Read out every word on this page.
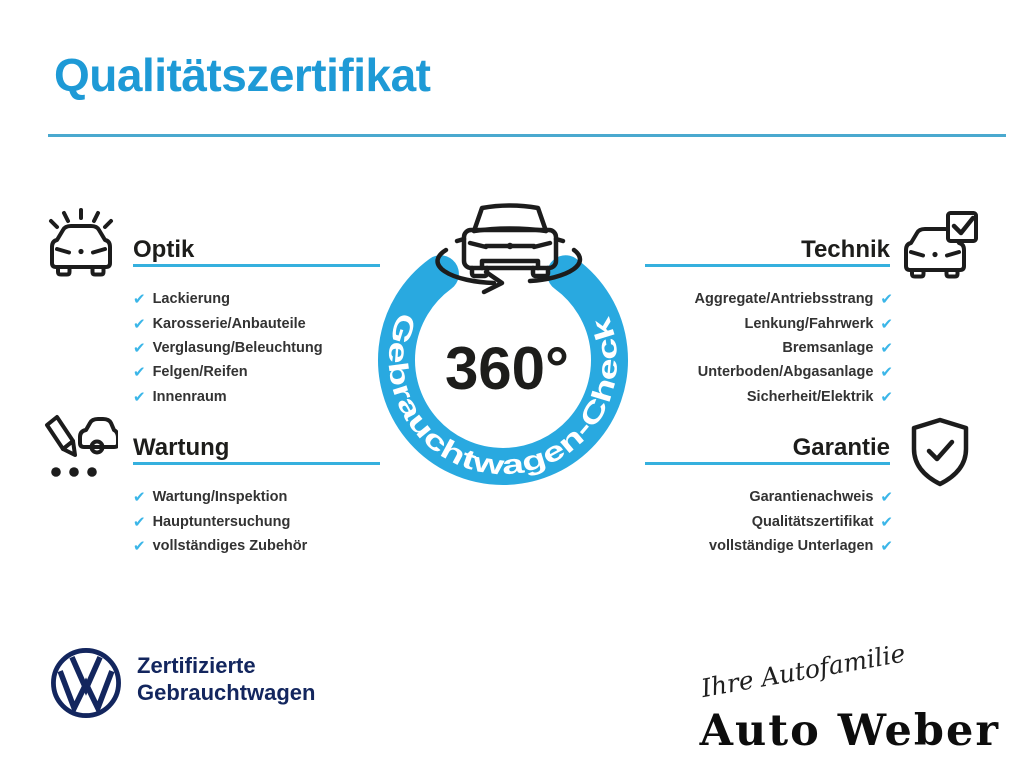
Qualitätszertifikat
Optik
✔ Lackierung
✔ Karosserie/Anbauteile
✔ Verglasung/Beleuchtung
✔ Felgen/Reifen
✔ Innenraum
Wartung
✔ Wartung/Inspektion
✔ Hauptuntersuchung
✔ vollständiges Zubehör
Technik
Aggregate/Antriebsstrang ✔
Lenkung/Fahrwerk ✔
Bremsanlage ✔
Unterboden/Abgasanlage ✔
Sicherheit/Elektrik ✔
Garantie
Garantienachweis ✔
Qualitätszertifikat ✔
vollständige Unterlagen ✔
Gebrauchtwagen-Check
360°
Zertifizierte
Gebrauchtwagen	Ihre Autofamilie
Auto Weber
